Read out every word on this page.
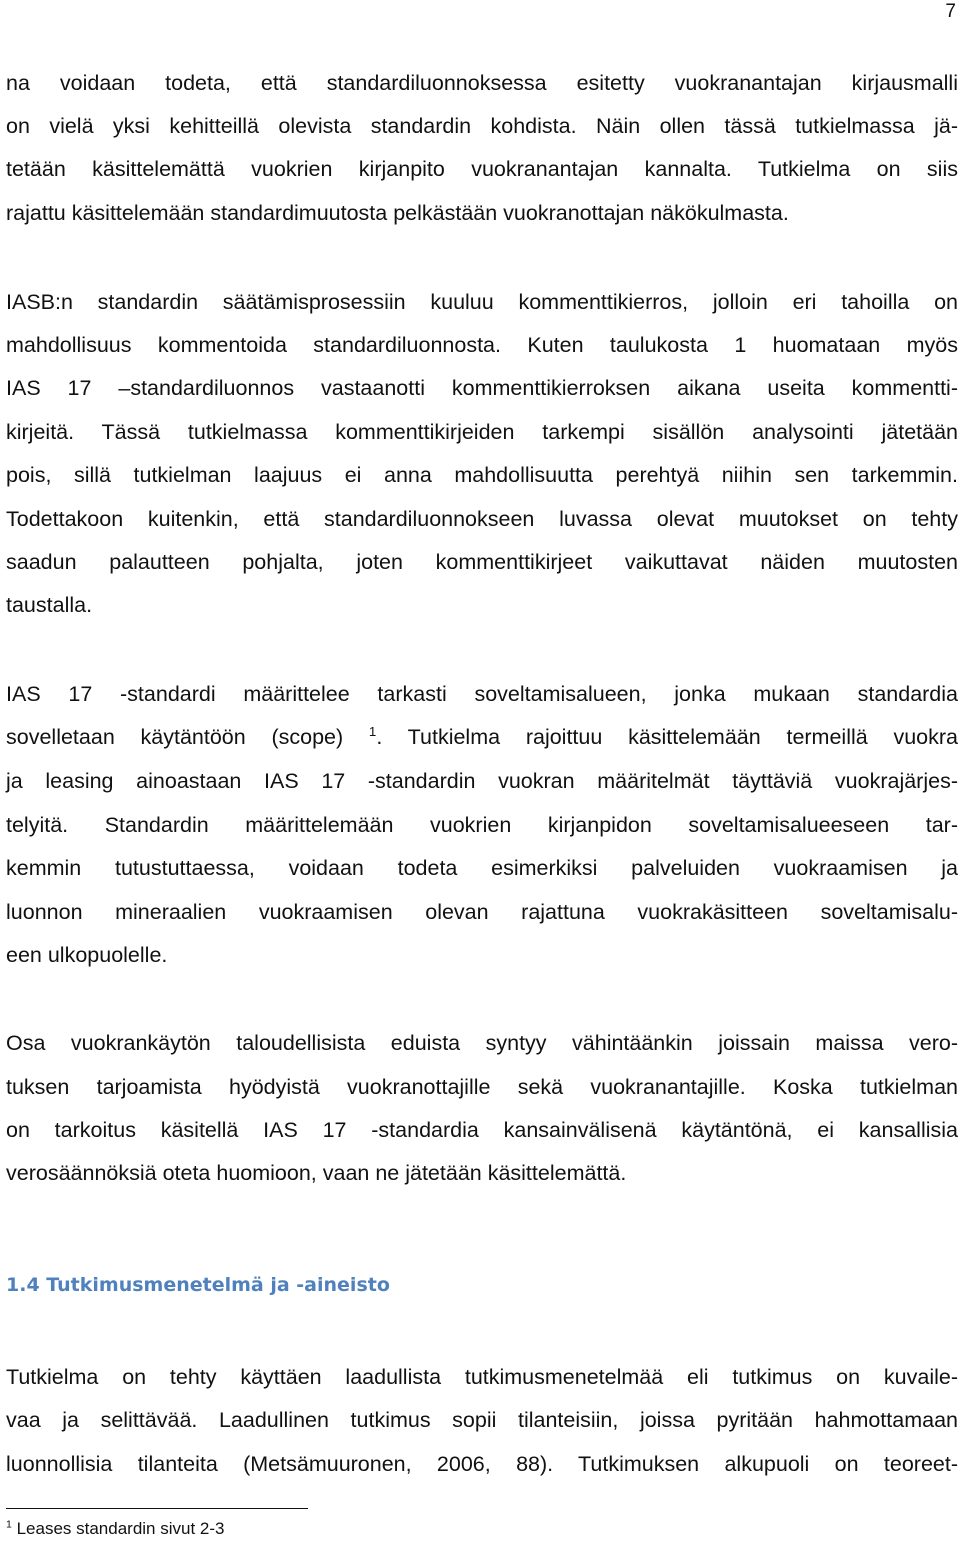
7
na voidaan todeta, että standardiluonnoksessa esitetty vuokranantajan kirjausmalli
on vielä yksi kehitteillä olevista standardin kohdista. Näin ollen tässä tutkielmassa jä-
tetään käsittelemättä vuokrien kirjanpito vuokranantajan kannalta. Tutkielma on siis
rajattu käsittelemään standardimuutosta pelkästään vuokranottajan näkökulmasta.
IASB:n standardin säätämisprosessiin kuuluu kommenttikierros, jolloin eri tahoilla on
mahdollisuus kommentoida standardiluonnosta. Kuten taulukosta 1 huomataan myös
IAS 17 –standardiluonnos vastaanotti kommenttikierroksen aikana useita kommentti-
kirjeitä. Tässä tutkielmassa kommenttikirjeiden tarkempi sisällön analysointi jätetään
pois, sillä tutkielman laajuus ei anna mahdollisuutta perehtyä niihin sen tarkemmin.
Todettakoon kuitenkin, että standardiluonnokseen luvassa olevat muutokset on tehty
saadun palautteen pohjalta, joten kommenttikirjeet vaikuttavat näiden muutosten
taustalla.
IAS 17 -standardi määrittelee tarkasti soveltamisalueen, jonka mukaan standardia
sovelletaan käytäntöön (scope) $^1$. Tutkielma rajoittuu käsittelemään termeillä vuokra
ja leasing ainoastaan IAS 17 -standardin vuokran määritelmät täyttäviä vuokrajärjes-
telyitä. Standardin määrittelemään vuokrien kirjanpidon soveltamisalueeseen tar-
kemmin tutustuttaessa, voidaan todeta esimerkiksi palveluiden vuokraamisen ja
luonnon mineraalien vuokraamisen olevan rajattuna vuokrakäsitteen soveltamisalu-
een ulkopuolelle.
Osa vuokrankäytön taloudellisista eduista syntyy vähintäänkin joissain maissa vero-
tuksen tarjoamista hyödyistä vuokranottajille sekä vuokranantajille. Koska tutkielman
on tarkoitus käsitellä IAS 17 -standardia kansainvälisenä käytäntönä, ei kansallisia
verosäännöksiä oteta huomioon, vaan ne jätetään käsittelemättä.
1.4 Tutkimusmenetelmä ja -aineisto
Tutkielma on tehty käyttäen laadullista tutkimusmenetelmää eli tutkimus on kuvaile-
vaa ja selittävää. Laadullinen tutkimus sopii tilanteisiin, joissa pyritään hahmottamaan
luonnollisia tilanteita (Metsämuuronen, 2006, 88). Tutkimuksen alkupuoli on teoreet-
$^1$ Leases standardin sivut 2-3
